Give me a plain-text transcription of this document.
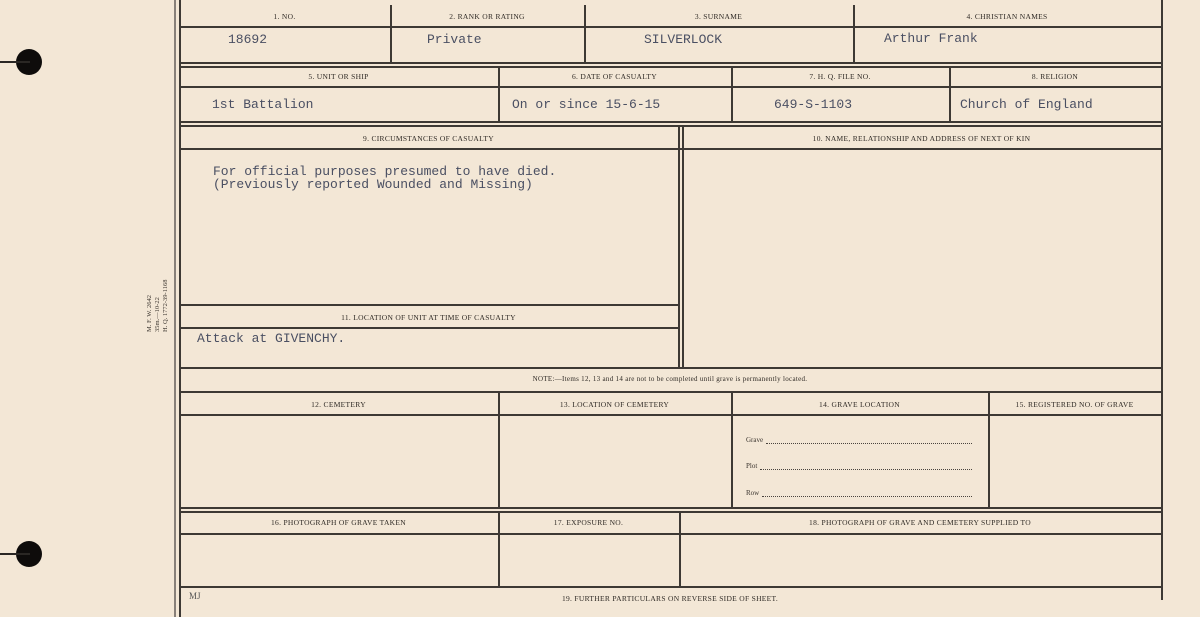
M. F. W. 2642 35m.—10-22 H. Q. 1772-39-1168
1. NO.	2. RANK OR RATING	3. SURNAME	4. CHRISTIAN NAMES
18692	Private	SILVERLOCK	Arthur Frank
5. UNIT OR SHIP	6. DATE OF CASUALTY	7. H. Q. FILE NO.	8. RELIGION
1st Battalion	On or since 15-6-15	649-S-1103	Church of England
9. CIRCUMSTANCES OF CASUALTY	10. NAME, RELATIONSHIP AND ADDRESS OF NEXT OF KIN
For official purposes presumed to have died.
(Previously reported Wounded and Missing)
11. LOCATION OF UNIT AT TIME OF CASUALTY
Attack at GIVENCHY.
NOTE:—Items 12, 13 and 14 are not to be completed until grave is permanently located.
12. CEMETERY	13. LOCATION OF CEMETERY	14. GRAVE LOCATION	15. REGISTERED NO. OF GRAVE
Grave
Plot
Row
16. PHOTOGRAPH OF GRAVE TAKEN	17. EXPOSURE NO.	18. PHOTOGRAPH OF GRAVE AND CEMETERY SUPPLIED TO
MJ	19. FURTHER PARTICULARS ON REVERSE SIDE OF SHEET.
